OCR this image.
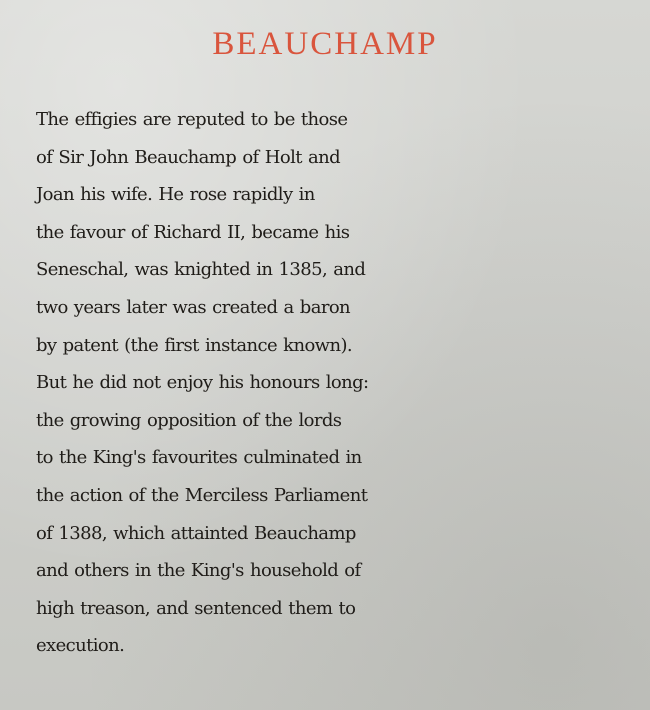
BEAUCHAMP
The effigies are reputed to be those
of Sir John Beauchamp of Holt and
Joan his wife. He rose rapidly in
the favour of Richard II, became his
Seneschal, was knighted in 1385, and
two years later was created a baron
by patent (the first instance known).
But he did not enjoy his honours long:
the growing opposition of the lords
to the King's favourites culminated in
the action of the Merciless Parliament
of 1388, which attainted Beauchamp
and others in the King's household of
high treason, and sentenced them to
execution.
